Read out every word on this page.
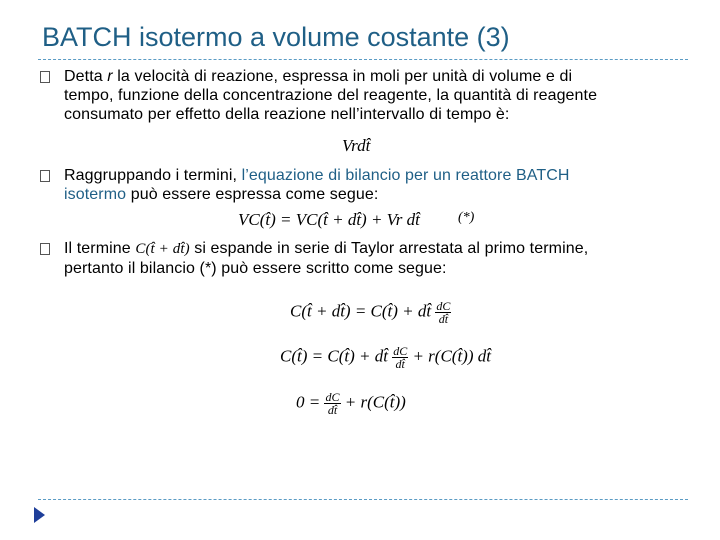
BATCH isotermo a volume costante (3)
Detta r la velocità di reazione, espressa in moli per unità di volume e di
tempo, funzione della concentrazione del reagente, la quantità di reagente
consumato per effetto della reazione nell’intervallo di tempo è:
Vrdt̂
Raggruppando i termini, l’equazione di bilancio per un reattore BATCH
isotermo può essere espressa come segue:
VC(t̂) = VC(t̂ + dt̂) + Vr dt̂	(*)
Il termine C(t̂ + dt̂) si espande in serie di Taylor arrestata al primo termine,
pertanto il bilancio (*) può essere scritto come segue:
C(t̂ + dt̂) = C(t̂) + dt̂ $\frac{dC}{dt̂}$
C(t̂) = C(t̂) + dt̂ $\frac{dC}{dt̂}$ + r(C(t̂)) dt̂
$0 = \frac{dC}{dt̂}$ + r(C(t̂))
